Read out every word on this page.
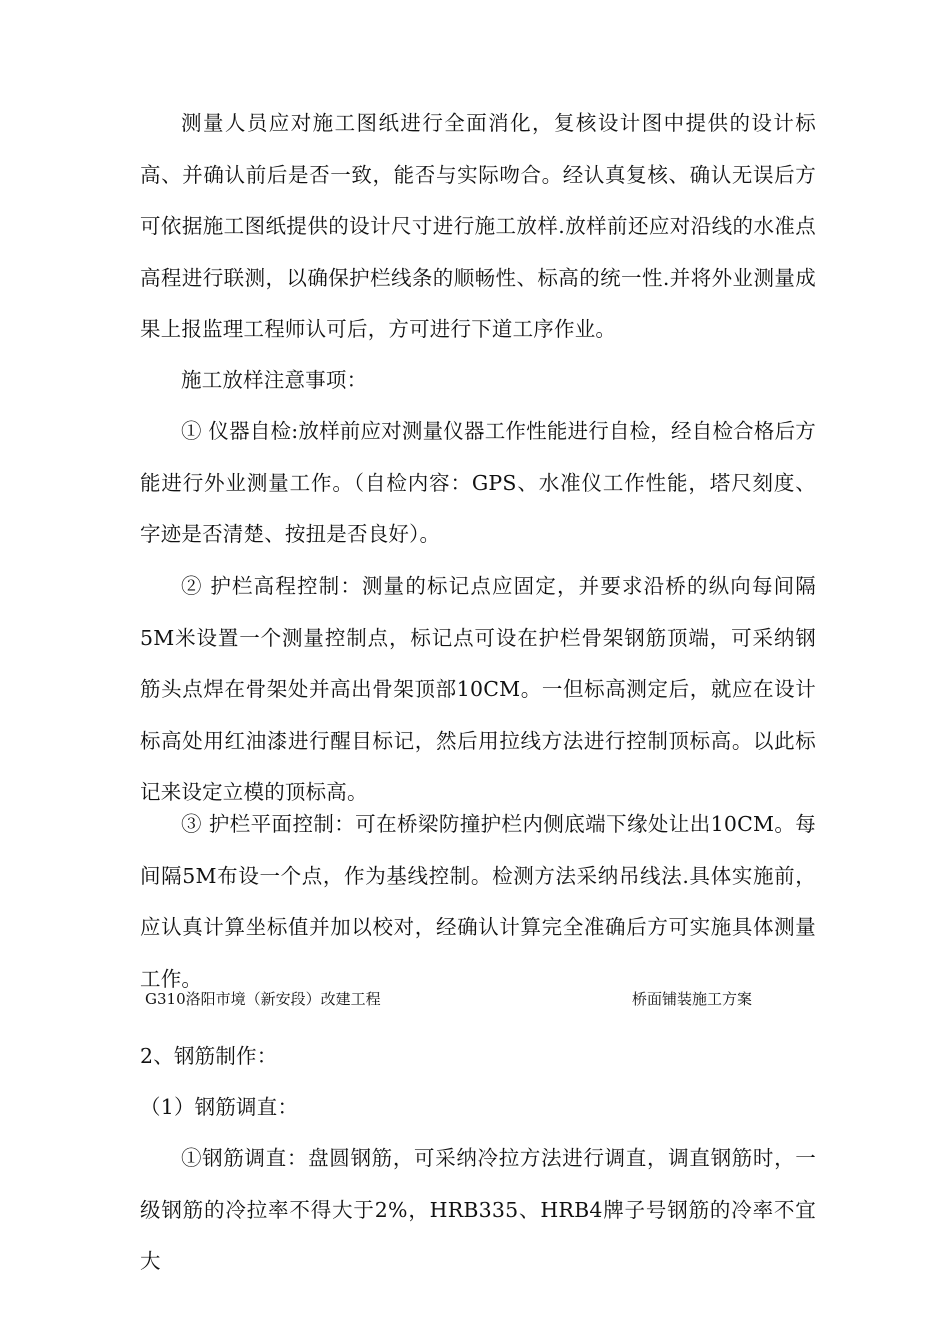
测量人员应对施工图纸进行全面消化，复核设计图中提供的设计标高、并确认前后是否一致，能否与实际吻合。经认真复核、确认无误后方可依据施工图纸提供的设计尺寸进行施工放样.放样前还应对沿线的水准点高程进行联测，以确保护栏线条的顺畅性、标高的统一性.并将外业测量成果上报监理工程师认可后，方可进行下道工序作业。

施工放样注意事项：

① 仪器自检:放样前应对测量仪器工作性能进行自检，经自检合格后方能进行外业测量工作。（自检内容：GPS、水准仪工作性能，塔尺刻度、字迹是否清楚、按扭是否良好）。

② 护栏高程控制：测量的标记点应固定，并要求沿桥的纵向每间隔5M米设置一个测量控制点，标记点可设在护栏骨架钢筋顶端，可采纳钢筋头点焊在骨架处并高出骨架顶部10CM。一但标高测定后，就应在设计标高处用红油漆进行醒目标记，然后用拉线方法进行控制顶标高。以此标记来设定立模的顶标高。

③ 护栏平面控制：可在桥梁防撞护栏内侧底端下缘处让出10CM。每间隔5M布设一个点，作为基线控制。检测方法采纳吊线法.具体实施前，应认真计算坐标值并加以校对，经确认计算完全准确后方可实施具体测量工作。

G310洛阳市境（新安段）改建工程	桥面铺装施工方案

2、钢筋制作：

（1）钢筋调直：

①钢筋调直：盘圆钢筋，可采纳冷拉方法进行调直，调直钢筋时，一级钢筋的冷拉率不得大于2%，HRB335、HRB4牌子号钢筋的冷率不宜大
